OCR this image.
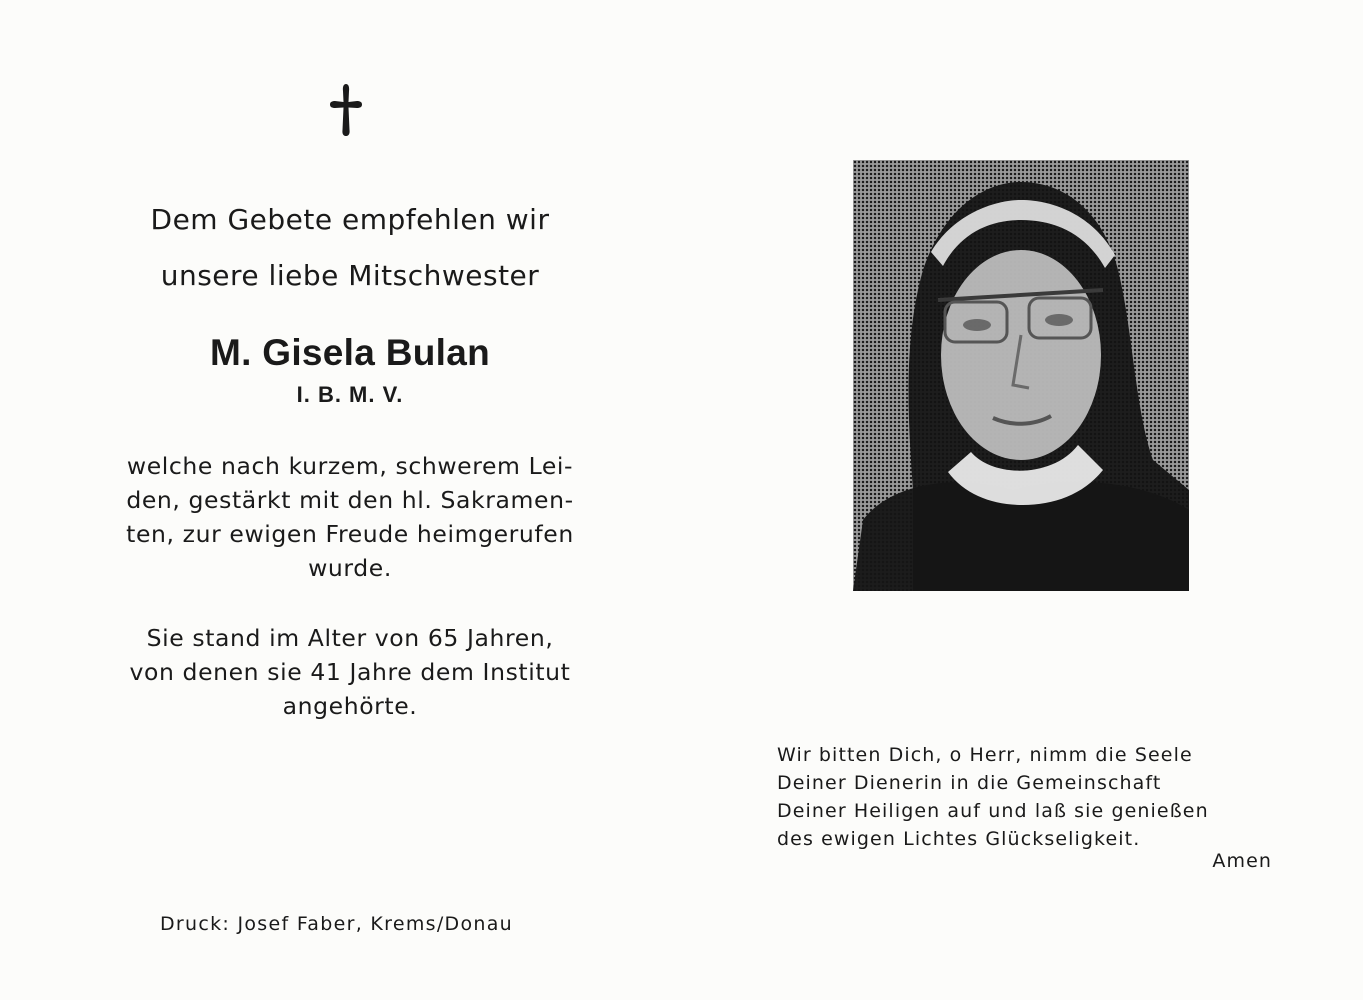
Dem Gebete empfehlen wir
unsere liebe Mitschwester
M. Gisela Bulan
I. B. M. V.
welche nach kurzem, schwerem Lei-
den, gestärkt mit den hl. Sakramen-
ten, zur ewigen Freude heimgerufen
wurde.
Sie stand im Alter von 65 Jahren,
von denen sie 41 Jahre dem Institut
angehörte.
Wir bitten Dich, o Herr, nimm die Seele
Deiner Dienerin in die Gemeinschaft
Deiner Heiligen auf und laß sie genießen
des ewigen Lichtes Glückseligkeit.
Amen
Druck: Josef Faber, Krems/Donau
